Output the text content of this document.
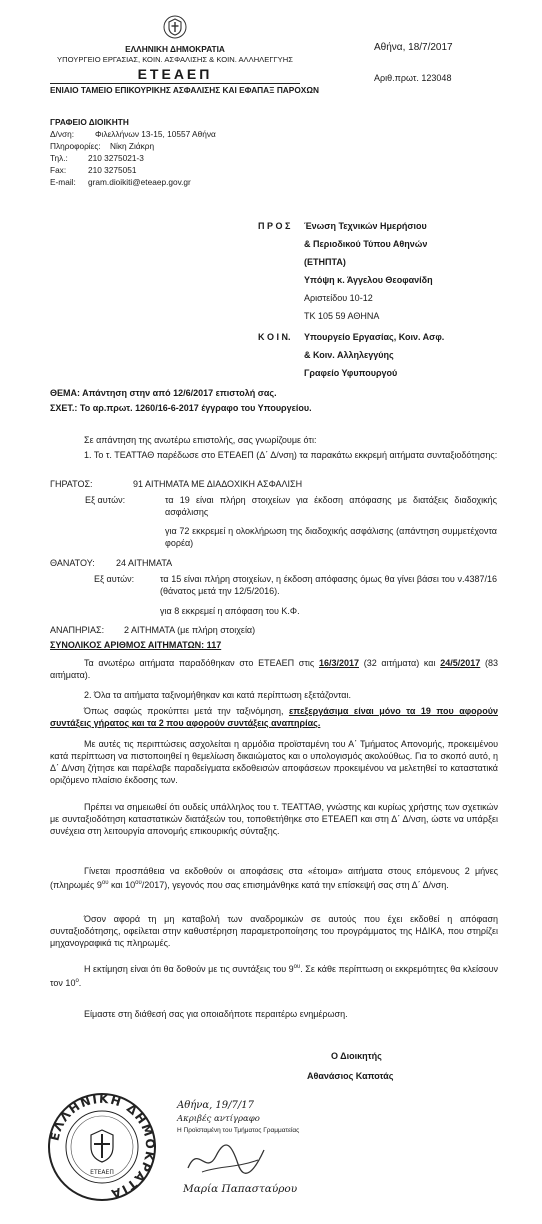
ΕΛΛΗΝΙΚΗ ΔΗΜΟΚΡΑΤΙΑ
ΥΠΟΥΡΓΕΙΟ ΕΡΓΑΣΙΑΣ, ΚΟΙΝ. ΑΣΦΑΛΙΣΗΣ & ΚΟΙΝ. ΑΛΛΗΛΕΓΓΥΗΣ
ΕΤΕΑΕΠ
ΕΝΙΑΙΟ ΤΑΜΕΙΟ ΕΠΙΚΟΥΡΙΚΗΣ ΑΣΦΑΛΙΣΗΣ ΚΑΙ ΕΦΑΠΑΞ ΠΑΡΟΧΩΝ
Αθήνα, 18/7/2017
Αριθ.πρωτ. 123048
ΓΡΑΦΕΙΟ ΔΙΟΙΚΗΤΗ
Δ/νση:	Φιλελλήνων 13-15, 10557 Αθήνα
Πληροφορίες: Νίκη Ζιάκρη
Τηλ.: 210 3275021-3
Fax:	210 3275051
E-mail: gram.dioikiti@eteaep.gov.gr
Π Ρ Ο Σ Ένωση Τεχνικών Ημερήσιου
& Περιοδικού Τύπου Αθηνών
(ΕΤΗΠΤΑ)
Υπόψη κ. Άγγελου Θεοφανίδη
Αριστείδου 10-12
ΤΚ 105 59 ΑΘΗΝΑ
Κ Ο Ι Ν. Υπουργείο Εργασίας, Κοιν. Ασφ.
& Κοιν. Αλληλεγγύης
Γραφείο Υφυπουργού
ΘΕΜΑ: Απάντηση στην από 12/6/2017 επιστολή σας.
ΣΧΕΤ.: Το αρ.πρωτ. 1260/16-6-2017 έγγραφο του Υπουργείου.
Σε απάντηση της ανωτέρω επιστολής, σας γνωρίζουμε ότι:
1. Το τ. ΤΕΑΤΤΑΘ παρέδωσε στο ΕΤΕΑΕΠ (Δ΄ Δ/νση) τα παρακάτω εκκρεμή αιτήματα συνταξιοδότησης:
ΓΗΡΑΤΟΣ:	91 ΑΙΤΗΜΑΤΑ ΜΕ ΔΙΑΔΟΧΙΚΗ ΑΣΦΑΛΙΣΗ
Εξ αυτών:	τα 19 είναι πλήρη στοιχείων για έκδοση απόφασης με διατάξεις διαδοχικής ασφάλισης
για 72 εκκρεμεί η ολοκλήρωση της διαδοχικής ασφάλισης (απάντηση συμμετέχοντα φορέα)
ΘΑΝΑΤΟΥ: 24 ΑΙΤΗΜΑΤΑ
Εξ αυτών:	τα 15 είναι πλήρη στοιχείων, η έκδοση απόφασης όμως θα γίνει βάσει του ν.4387/16 (θάνατος μετά την 12/5/2016).
για 8 εκκρεμεί η απόφαση του Κ.Φ.
ΑΝΑΠΗΡΙΑΣ: 2 ΑΙΤΗΜΑΤΑ (με πλήρη στοιχεία)
ΣΥΝΟΛΙΚΟΣ ΑΡΙΘΜΟΣ ΑΙΤΗΜΑΤΩΝ: 117
Τα ανωτέρω αιτήματα παραδόθηκαν στο ΕΤΕΑΕΠ στις 16/3/2017 (32 αιτήματα) και 24/5/2017 (83 αιτήματα).
2. Όλα τα αιτήματα ταξινομήθηκαν και κατά περίπτωση εξετάζονται.
Όπως σαφώς προκύπτει μετά την ταξινόμηση, επεξεργάσιμα είναι μόνο τα 19 που αφορούν συντάξεις γήρατος και τα 2 που αφορούν συντάξεις αναπηρίας.
Με αυτές τις περιπτώσεις ασχολείται η αρμόδια προϊσταμένη του Α΄ Τμήματος Απονομής, προκειμένου κατά περίπτωση να πιστοποιηθεί η θεμελίωση δικαιώματος και ο υπολογισμός ακολούθως. Για το σκοπό αυτό, η Δ΄ Δ/νση ζήτησε και παρέλαβε παραδείγματα εκδοθεισών αποφάσεων προκειμένου να μελετηθεί το καταστατικά οριζόμενο πλαίσιο έκδοσης των.
Πρέπει να σημειωθεί ότι ουδείς υπάλληλος του τ. ΤΕΑΤΤΑΘ, γνώστης και κυρίως χρήστης των σχετικών με συνταξιοδότηση καταστατικών διατάξεών του, τοποθετήθηκε στο ΕΤΕΑΕΠ και στη Δ΄ Δ/νση, ώστε να υπάρξει συνέχεια στη λειτουργία απονομής επικουρικής σύνταξης.
Γίνεται προσπάθεια να εκδοθούν οι αποφάσεις στα «έτοιμα» αιτήματα στους επόμενους 2 μήνες (πληρωμές $9^{o\upsilon}$ και $10^{o\upsilon}/2017$), γεγονός που σας επισημάνθηκε κατά την επίσκεψή σας στη Δ΄ Δ/νση.
Όσον αφορά τη μη καταβολή των αναδρομικών σε αυτούς που έχει εκδοθεί η απόφαση συνταξιοδότησης, οφείλεται στην καθυστέρηση παραμετροποίησης του προγράμματος της ΗΔΙΚΑ, που στηρίζει μηχανογραφικά τις πληρωμές.
Η εκτίμηση είναι ότι θα δοθούν με τις συντάξεις του $9^{o\upsilon}$. Σε κάθε περίπτωση οι εκκρεμότητες θα κλείσουν τον $10^o$.
Είμαστε στη διάθεσή σας για οποιαδήποτε περαιτέρω ενημέρωση.
Ο Διοικητής
Αθανάσιος Καποτάς
ΕΛΛΗΝΙΚΗ ΔΗΜΟΚΡΑΤΙΑ
ΕΤΕΑΕΠ
Αθήνα, 19/7/17
Ακριβές αντίγραφο
Η Προϊσταμένη του Τμήματος Γραμματείας
Μαρία Παπασταύρου
